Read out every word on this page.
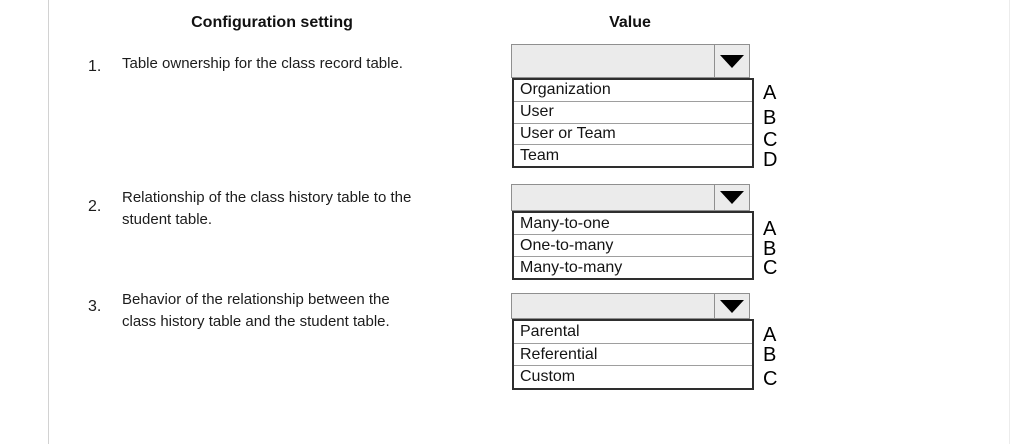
Configuration setting	Value
1. Table ownership for the class record table.
Organization
User
User or Team
Team
A
B
C
D
2.
Relationship of the class history table to the
student table.	Many-to-one
One-to-many
Many-to-many
A
B
C
3. Behavior of the relationship between the
class history table and the student table.
Parental
Referential
Custom
A
B
C
